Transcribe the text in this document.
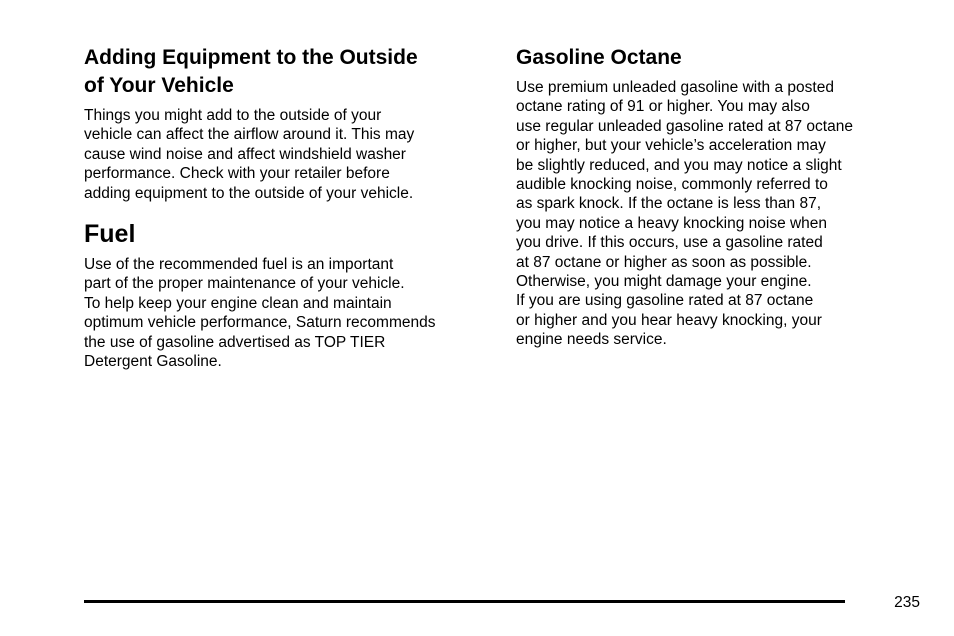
Adding Equipment to the Outside
of Your Vehicle
Things you might add to the outside of your
vehicle can affect the airflow around it. This may
cause wind noise and affect windshield washer
performance. Check with your retailer before
adding equipment to the outside of your vehicle.
Fuel
Use of the recommended fuel is an important
part of the proper maintenance of your vehicle.
To help keep your engine clean and maintain
optimum vehicle performance, Saturn recommends
the use of gasoline advertised as TOP TIER
Detergent Gasoline.
Gasoline Octane
Use premium unleaded gasoline with a posted
octane rating of 91 or higher. You may also
use regular unleaded gasoline rated at 87 octane
or higher, but your vehicle’s acceleration may
be slightly reduced, and you may notice a slight
audible knocking noise, commonly referred to
as spark knock. If the octane is less than 87,
you may notice a heavy knocking noise when
you drive. If this occurs, use a gasoline rated
at 87 octane or higher as soon as possible.
Otherwise, you might damage your engine.
If you are using gasoline rated at 87 octane
or higher and you hear heavy knocking, your
engine needs service.
235
